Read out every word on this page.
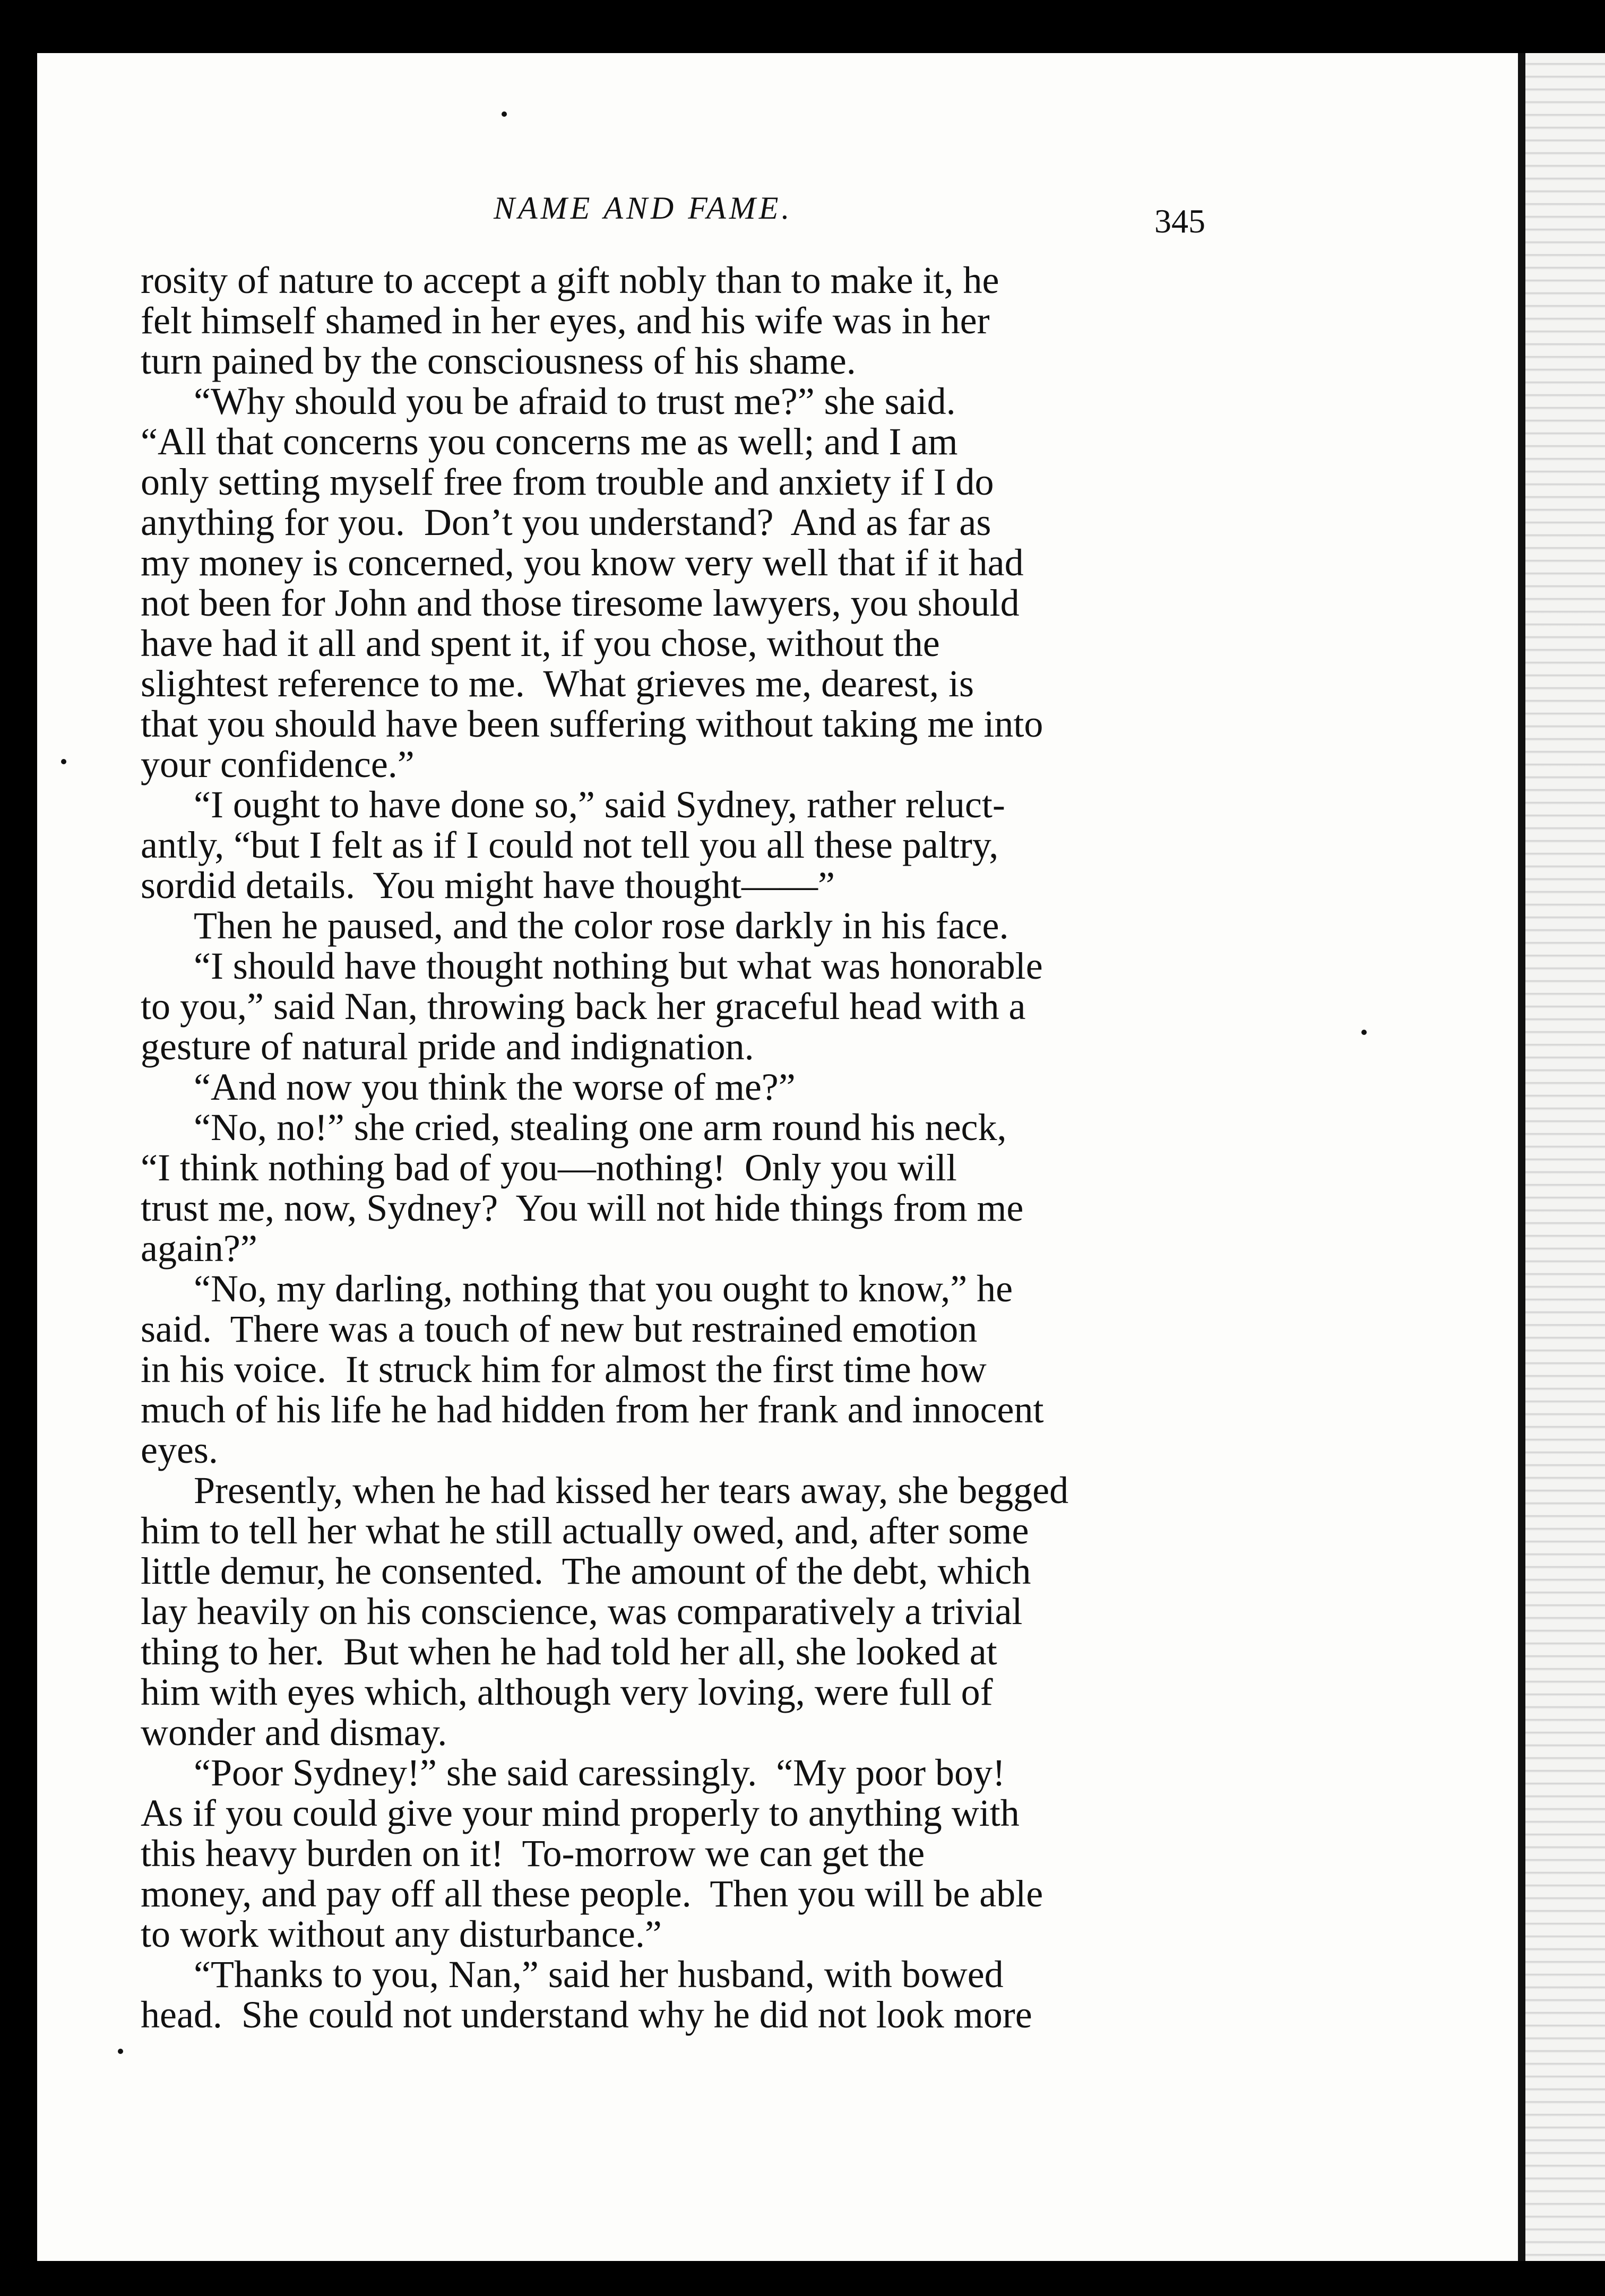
NAME AND FAME.	345
rosity of nature to accept a gift nobly than to make it, he
felt himself shamed in her eyes, and his wife was in her
turn pained by the consciousness of his shame.
“Why should you be afraid to trust me?” she said.
“All that concerns you concerns me as well; and I am
only setting myself free from trouble and anxiety if I do
anything for you.  Don’t you understand?  And as far as
my money is concerned, you know very well that if it had
not been for John and those tiresome lawyers, you should
have had it all and spent it, if you chose, without the
slightest reference to me.  What grieves me, dearest, is
that you should have been suffering without taking me into
your confidence.”
“I ought to have done so,” said Sydney, rather reluct-
antly, “but I felt as if I could not tell you all these paltry,
sordid details.  You might have thought——”
Then he paused, and the color rose darkly in his face.
“I should have thought nothing but what was honorable
to you,” said Nan, throwing back her graceful head with a
gesture of natural pride and indignation.
“And now you think the worse of me?”
“No, no!” she cried, stealing one arm round his neck,
“I think nothing bad of you—nothing!  Only you will
trust me, now, Sydney?  You will not hide things from me
again?”
“No, my darling, nothing that you ought to know,” he
said.  There was a touch of new but restrained emotion
in his voice.  It struck him for almost the first time how
much of his life he had hidden from her frank and innocent
eyes.
Presently, when he had kissed her tears away, she begged
him to tell her what he still actually owed, and, after some
little demur, he consented.  The amount of the debt, which
lay heavily on his conscience, was comparatively a trivial
thing to her.  But when he had told her all, she looked at
him with eyes which, although very loving, were full of
wonder and dismay.
“Poor Sydney!” she said caressingly.  “My poor boy!
As if you could give your mind properly to anything with
this heavy burden on it!  To-morrow we can get the
money, and pay off all these people.  Then you will be able
to work without any disturbance.”
“Thanks to you, Nan,” said her husband, with bowed
head.  She could not understand why he did not look more
